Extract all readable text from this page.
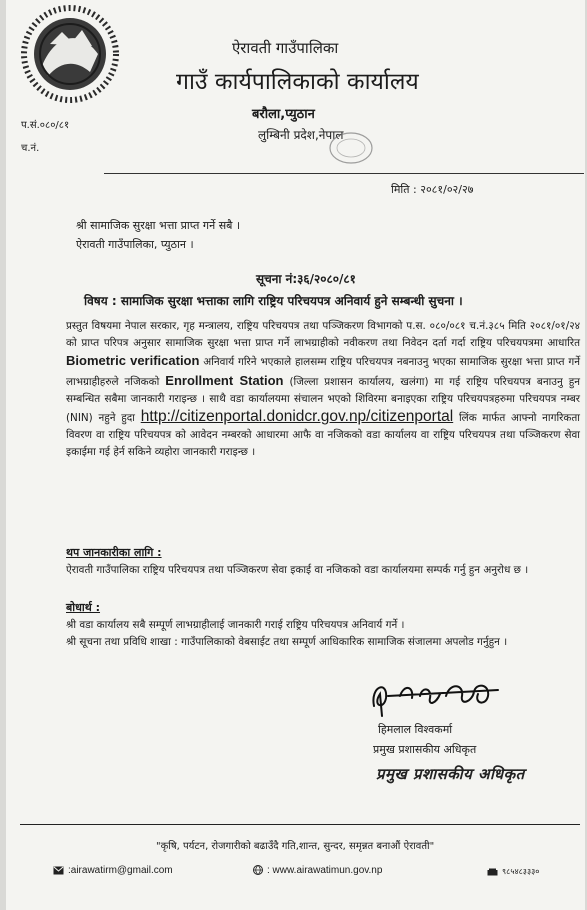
ऐरावती गाउँपालिका

गाउँ कार्यपालिकाको कार्यालय

बरौला,प्युठान

लुम्बिनी प्रदेश,नेपाल

प.सं.०८०/८१

च.नं.

मिति : २०८१/०२/२७

श्री सामाजिक सुरक्षा भत्ता प्राप्त गर्ने सबै ।

ऐरावती गाउँपालिका, प्युठान ।

सूचना नं:३६/२०८०/८१

विषय : सामाजिक सुरक्षा भत्ताका लागि राष्ट्रिय परिचयपत्र अनिवार्य हुने सम्बन्धी सुचना ।

प्रस्तुत विषयमा नेपाल सरकार, गृह मन्त्रालय, राष्ट्रिय परिचयपत्र तथा पञ्जिकरण विभागको प.स. ०८०/०८१ च.नं.३८५ मिति २०८१/०१/२४ को प्राप्त परिपत्र अनुसार सामाजिक सुरक्षा भत्ता प्राप्त गर्ने लाभग्राहीको नवीकरण तथा निवेदन दर्ता गर्दा राष्ट्रिय परिचयपत्रमा आधारित Biometric verification अनिवार्य गरिने भएकाले हालसम्म राष्ट्रिय परिचयपत्र नबनाउनु भएका सामाजिक सुरक्षा भत्ता प्राप्त गर्ने लाभग्राहीहरुले नजिकको Enrollment Station (जिल्ला प्रशासन कार्यालय, खलंगा) मा गई राष्ट्रिय परिचयपत्र बनाउनु हुन सम्बन्धित सबैमा जानकारी गराइन्छ । साथै वडा कार्यालयमा संचालन भएको शिविरमा बनाइएका राष्ट्रिय परिचयपत्रहरुमा परिचयपत्र नम्बर (NIN) नहुने हुदा http://citizenportal.donidcr.gov.np/citizenportal लिंक मार्फत आफ्नो नागरिकता विवरण वा राष्ट्रिय परिचयपत्र को आवेदन नम्बरको आधारमा आफै वा नजिकको वडा कार्यालय वा राष्ट्रिय परिचयपत्र तथा पञ्जिकरण सेवा इकाईमा गई हेर्न सकिने व्यहोरा जानकारी गराइन्छ ।

थप जानकारीका लागि :

ऐरावती गाउँपालिका राष्ट्रिय परिचयपत्र तथा पञ्जिकरण सेवा इकाई वा नजिकको वडा कार्यालयमा सम्पर्क गर्नु हुन अनुरोध छ ।

बोधार्थ :

श्री वडा कार्यालय सबै सम्पूर्ण लाभग्राहीलाई जानकारी गराई राष्ट्रिय परिचयपत्र अनिवार्य गर्ने ।
श्री सूचना तथा प्रविधि शाखा : गाउँपालिकाको वेबसाईट तथा सम्पूर्ण आधिकारिक सामाजिक संजालमा अपलोड गर्नुहुन ।

हिमलाल विश्वकर्मा

प्रमुख प्रशासकीय अधिकृत

प्रमुख प्रशासकीय अधिकृत

"कृषि, पर्यटन, रोजगारीको बढाउँदै गति,शान्त, सुन्दर, समृन्नत बनाऔं ऐरावती"

:airawatirm@gmail.com	: www.airawatimun.gov.np	९८५४८३३३०
